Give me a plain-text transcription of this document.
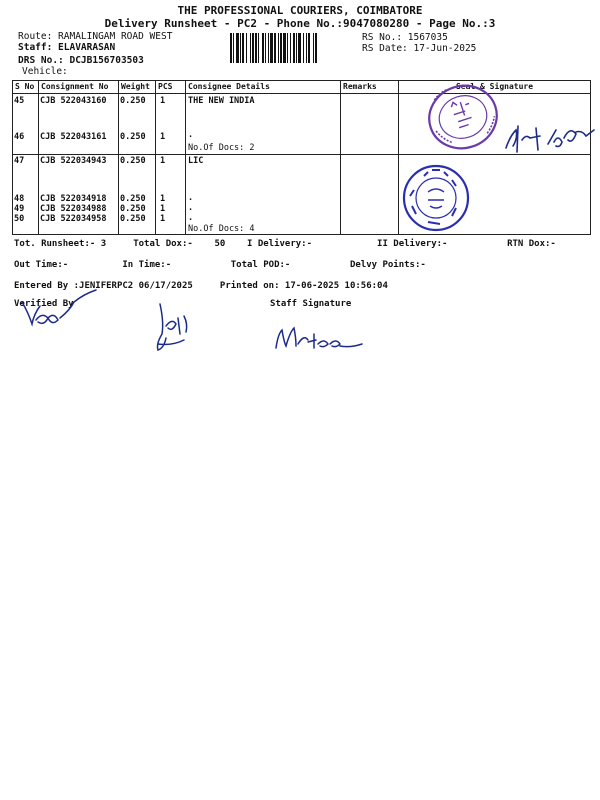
THE PROFESSIONAL COURIERS, COIMBATORE
Delivery Runsheet - PC2 - Phone No.:9047080280 - Page No.:3
Route: RAMALINGAM ROAD WEST
Staff: ELAVARASAN
DRS No.: DCJB156703503
Vehicle:
RS No.: 1567035
RS Date: 17-Jun-2025
S No	Consignment No	Weight	PCS	Consignee Details	Remarks	Seal & Signature

45 CJB 522043160 0.250 1	THE NEW INDIA
46 CJB 522043161 0.250 1	.
No.Of Docs: 2
47 CJB 522034943 0.250 1	LIC
48 CJB 522034918 0.250 1	.
49 CJB 522034988 0.250 1	.
50 CJB 522034958 0.250 1	.
No.Of Docs: 4
Tot. Runsheet:- 3     Total Dox:-    50    I Delivery:-            II Delivery:-           RTN Dox:-
Out Time:-          In Time:-           Total POD:-           Delvy Points:-
Entered By :JENIFERPC2 06/17/2025     Printed on: 17-06-2025 10:56:04
Verified By	Staff Signature
